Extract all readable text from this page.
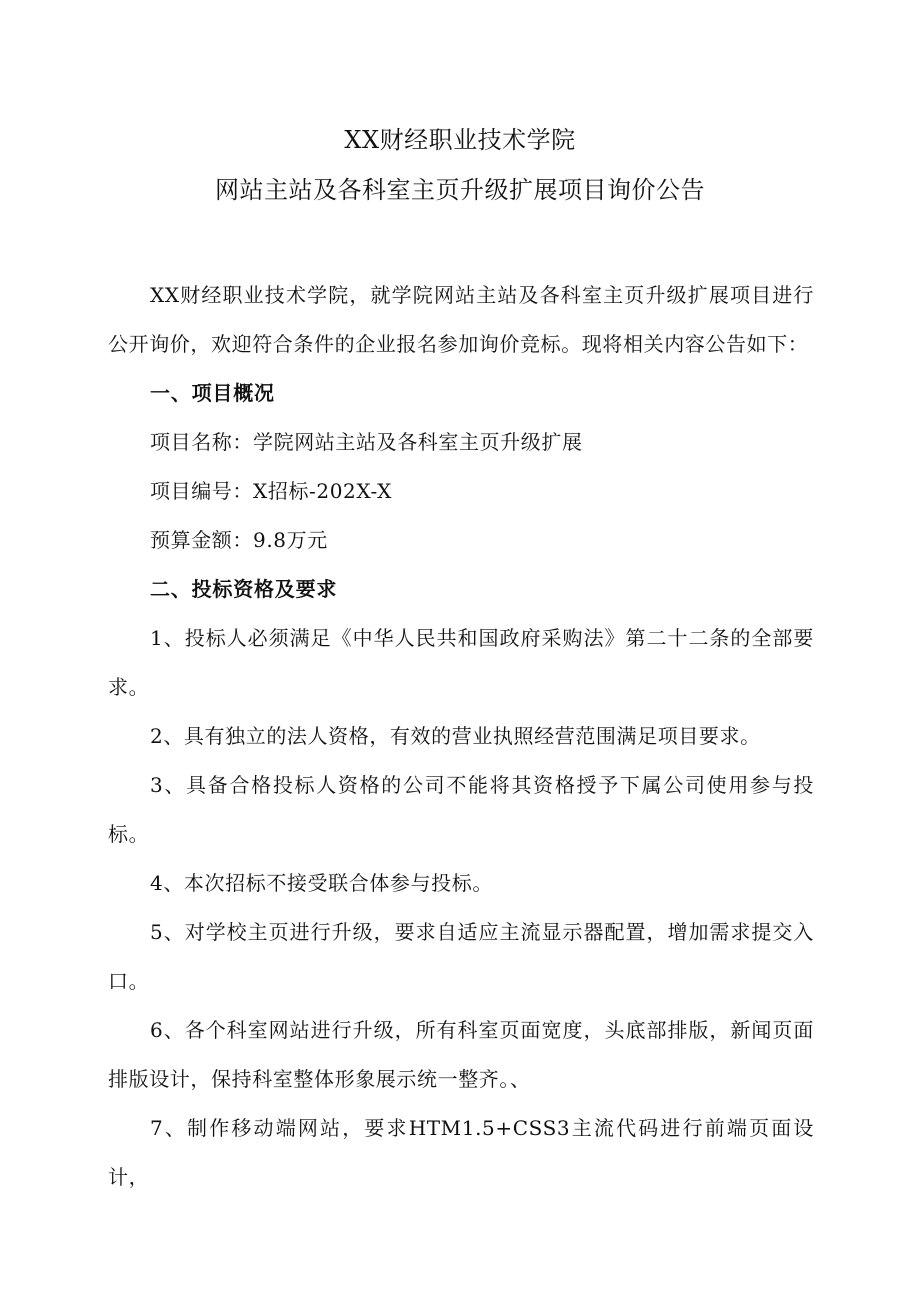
XX财经职业技术学院
网站主站及各科室主页升级扩展项目询价公告

XX财经职业技术学院，就学院网站主站及各科室主页升级扩展项目进行公开询价，欢迎符合条件的企业报名参加询价竞标。现将相关内容公告如下：

一、项目概况

项目名称：学院网站主站及各科室主页升级扩展

项目编号：X招标-202X-X

预算金额：9.8万元

二、投标资格及要求

1、投标人必须满足《中华人民共和国政府采购法》第二十二条的全部要求。

2、具有独立的法人资格，有效的营业执照经营范围满足项目要求。

3、具备合格投标人资格的公司不能将其资格授予下属公司使用参与投标。

4、本次招标不接受联合体参与投标。

5、对学校主页进行升级，要求自适应主流显示器配置，增加需求提交入口。

6、各个科室网站进行升级，所有科室页面宽度，头底部排版，新闻页面排版设计，保持科室整体形象展示统一整齐。、

7、制作移动端网站，要求HTM1.5+CSS3主流代码进行前端页面设计，
